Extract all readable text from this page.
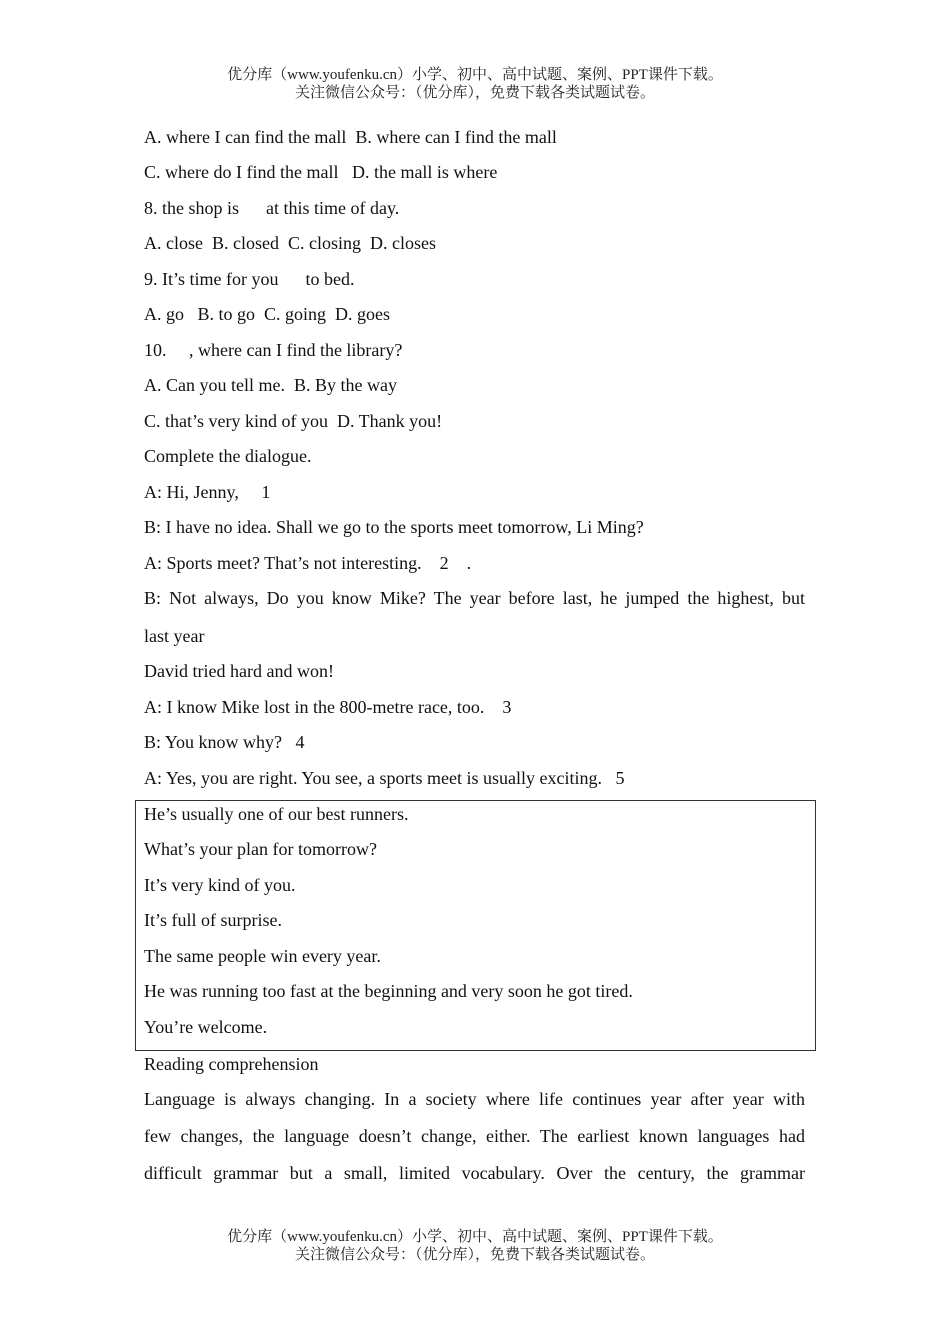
优分库（www.youfenku.cn）小学、初中、高中试题、案例、PPT课件下载。
关注微信公众号：（优分库），免费下载各类试题试卷。
A. where I can find the mall  B. where can I find the mall
C. where do I find the mall   D. the mall is where
8. the shop is      at this time of day.
A. close  B. closed  C. closing  D. closes
9. It’s time for you      to bed.
A. go   B. to go  C. going  D. goes
10.     , where can I find the library?
A. Can you tell me.  B. By the way
C. that’s very kind of you  D. Thank you!
Complete the dialogue.
A: Hi, Jenny,     1
B: I have no idea. Shall we go to the sports meet tomorrow, Li Ming?
A: Sports meet? That’s not interesting.    2    .
B: Not always, Do you know Mike? The year before last, he jumped the highest, but
last year
David tried hard and won!
A: I know Mike lost in the 800-metre race, too.    3
B: You know why?   4
A: Yes, you are right. You see, a sports meet is usually exciting.   5
He’s usually one of our best runners.
What’s your plan for tomorrow?
It’s very kind of you.
It’s full of surprise.
The same people win every year.
He was running too fast at the beginning and very soon he got tired.
You’re welcome.
Reading comprehension
Language is always changing. In a society where life continues year after year with
few changes, the language doesn’t change, either. The earliest known languages had
difficult grammar but a small, limited vocabulary. Over the century, the grammar
优分库（www.youfenku.cn）小学、初中、高中试题、案例、PPT课件下载。
关注微信公众号：（优分库），免费下载各类试题试卷。
